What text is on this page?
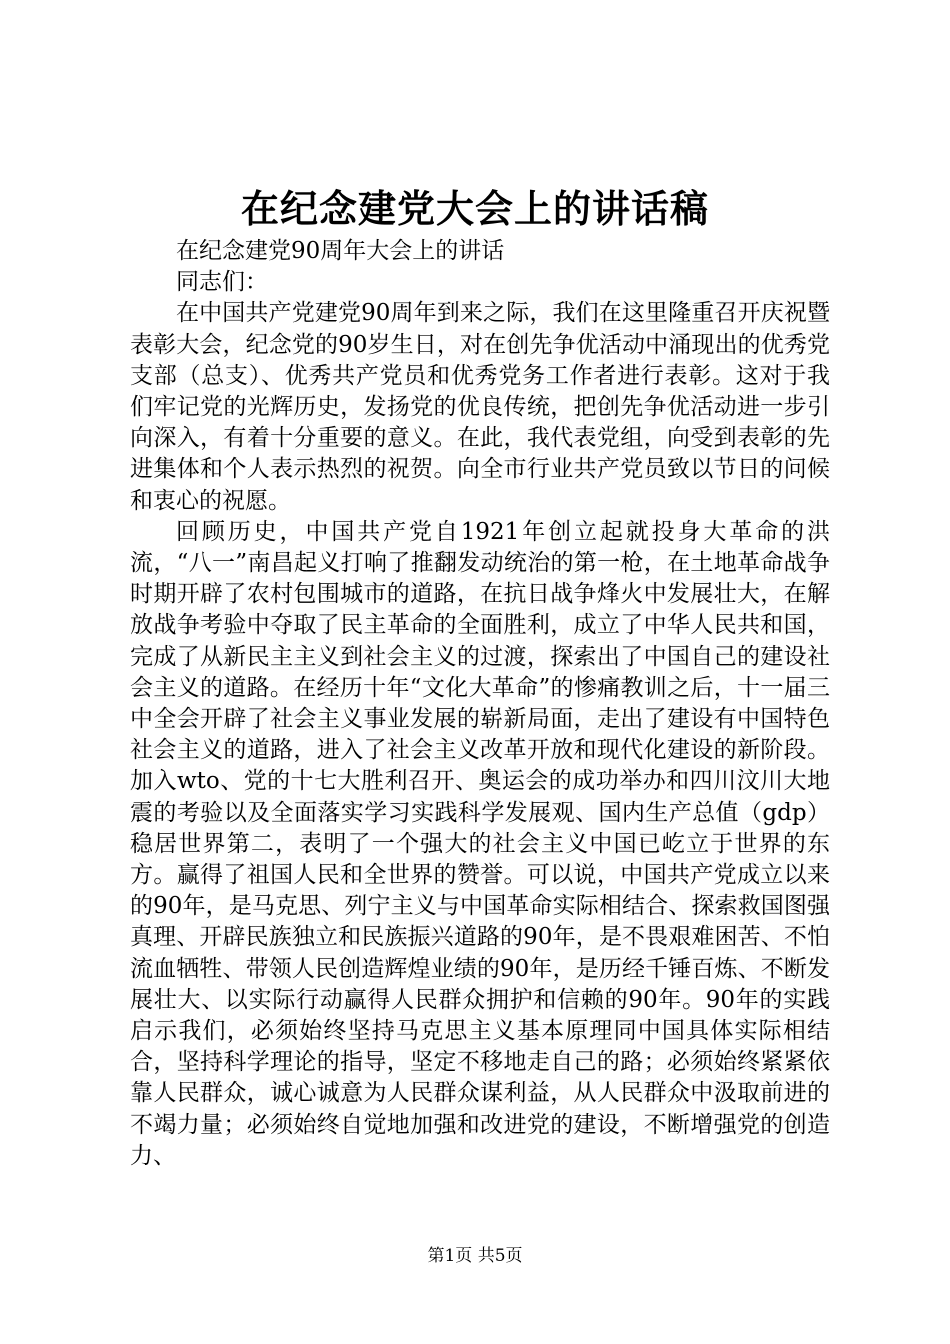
在纪念建党大会上的讲话稿

在纪念建党90周年大会上的讲话

同志们：

在中国共产党建党90周年到来之际，我们在这里隆重召开庆祝暨表彰大会，纪念党的90岁生日，对在创先争优活动中涌现出的优秀党支部（总支）、优秀共产党员和优秀党务工作者进行表彰。这对于我们牢记党的光辉历史，发扬党的优良传统，把创先争优活动进一步引向深入，有着十分重要的意义。在此，我代表党组，向受到表彰的先进集体和个人表示热烈的祝贺。向全市行业共产党员致以节日的问候和衷心的祝愿。

回顾历史，中国共产党自1921年创立起就投身大革命的洪流，“八一”南昌起义打响了推翻发动统治的第一枪，在土地革命战争时期开辟了农村包围城市的道路，在抗日战争烽火中发展壮大，在解放战争考验中夺取了民主革命的全面胜利，成立了中华人民共和国，完成了从新民主主义到社会主义的过渡，探索出了中国自己的建设社会主义的道路。在经历十年“文化大革命”的惨痛教训之后，十一届三中全会开辟了社会主义事业发展的崭新局面，走出了建设有中国特色社会主义的道路，进入了社会主义改革开放和现代化建设的新阶段。加入wto、党的十七大胜利召开、奥运会的成功举办和四川汶川大地震的考验以及全面落实学习实践科学发展观、国内生产总值（gdp）稳居世界第二，表明了一个强大的社会主义中国已屹立于世界的东方。赢得了祖国人民和全世界的赞誉。可以说，中国共产党成立以来的90年，是马克思、列宁主义与中国革命实际相结合、探索救国图强真理、开辟民族独立和民族振兴道路的90年，是不畏艰难困苦、不怕流血牺牲、带领人民创造辉煌业绩的90年，是历经千锤百炼、不断发展壮大、以实际行动赢得人民群众拥护和信赖的90年。90年的实践启示我们，必须始终坚持马克思主义基本原理同中国具体实际相结合，坚持科学理论的指导，坚定不移地走自己的路；必须始终紧紧依靠人民群众，诚心诚意为人民群众谋利益，从人民群众中汲取前进的不竭力量；必须始终自觉地加强和改进党的建设，不断增强党的创造力、

第1页 共5页
